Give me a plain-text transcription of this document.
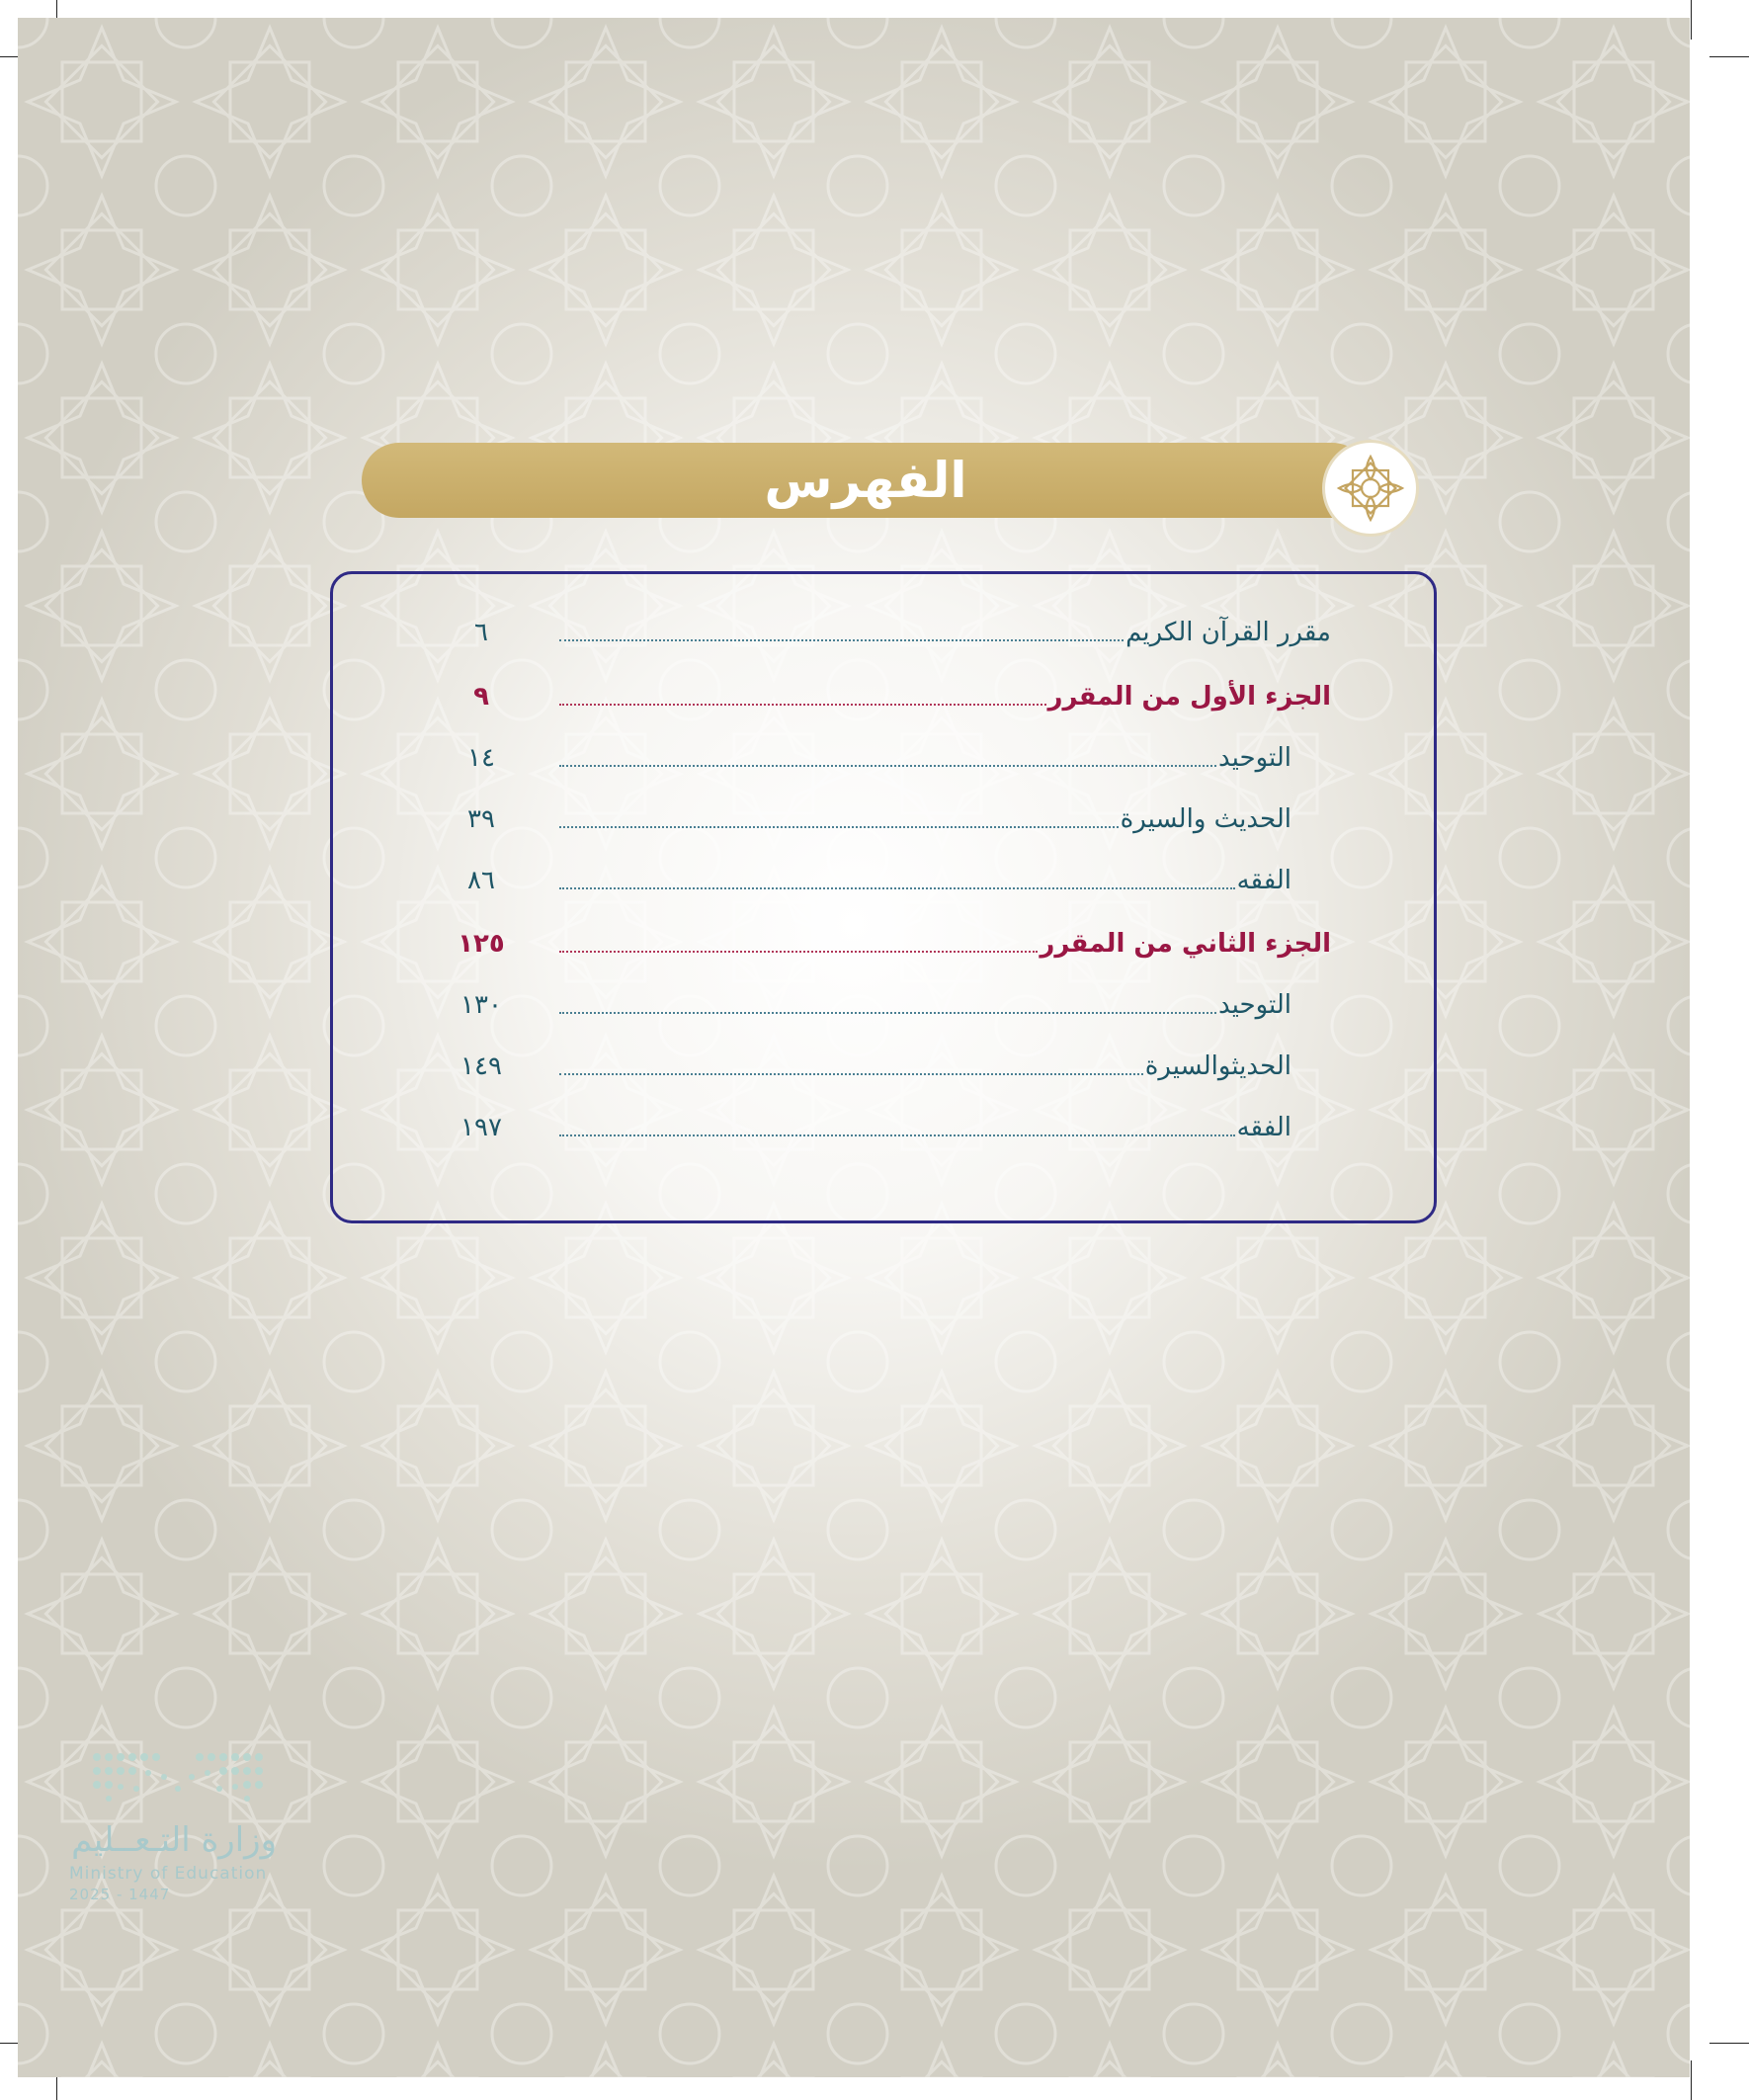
الفهرس
مقرر القرآن الكريم
٦
الجزء الأول من المقرر
٩
التوحيد
١٤
الحديث والسيرة
٣٩
الفقه
٨٦
الجزء الثاني من المقرر
١٢٥
التوحيد
١٣٠
الحديثوالسيرة
١٤٩
الفقه
١٩٧
وزارة التـعــليم
Ministry of Education
2025 - 1447
